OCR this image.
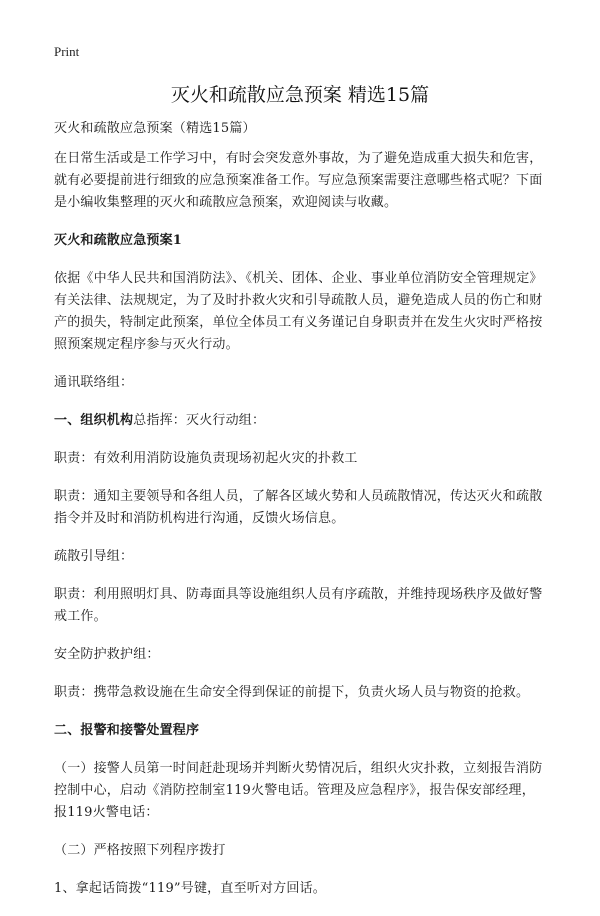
Print
灭火和疏散应急预案 精选15篇

灭火和疏散应急预案（精选15篇）

在日常生活或是工作学习中，有时会突发意外事故，为了避免造成重大损失和危害，就有必要提前进行细致的应急预案准备工作。写应急预案需要注意哪些格式呢？下面是小编收集整理的灭火和疏散应急预案，欢迎阅读与收藏。

灭火和疏散应急预案1

依据《中华人民共和国消防法》、《机关、团体、企业、事业单位消防安全管理规定》有关法律、法规规定，为了及时扑救火灾和引导疏散人员，避免造成人员的伤亡和财产的损失，特制定此预案，单位全体员工有义务谨记自身职责并在发生火灾时严格按照预案规定程序参与灭火行动。

通讯联络组：

一、组织机构总指挥：灭火行动组：

职责：有效利用消防设施负责现场初起火灾的扑救工

职责：通知主要领导和各组人员，了解各区域火势和人员疏散情况，传达灭火和疏散指令并及时和消防机构进行沟通，反馈火场信息。

疏散引导组：

职责：利用照明灯具、防毒面具等设施组织人员有序疏散，并维持现场秩序及做好警戒工作。

安全防护救护组：

职责：携带急救设施在生命安全得到保证的前提下，负责火场人员与物资的抢救。

二、报警和接警处置程序

（一）接警人员第一时间赶赴现场并判断火势情况后，组织火灾扑救，立刻报告消防控制中心，启动《消防控制室119火警电话。管理及应急程序》，报告保安部经理，报119火警电话：

（二）严格按照下列程序拨打

1、拿起话筒拨“119”号键，直至听对方回话。
